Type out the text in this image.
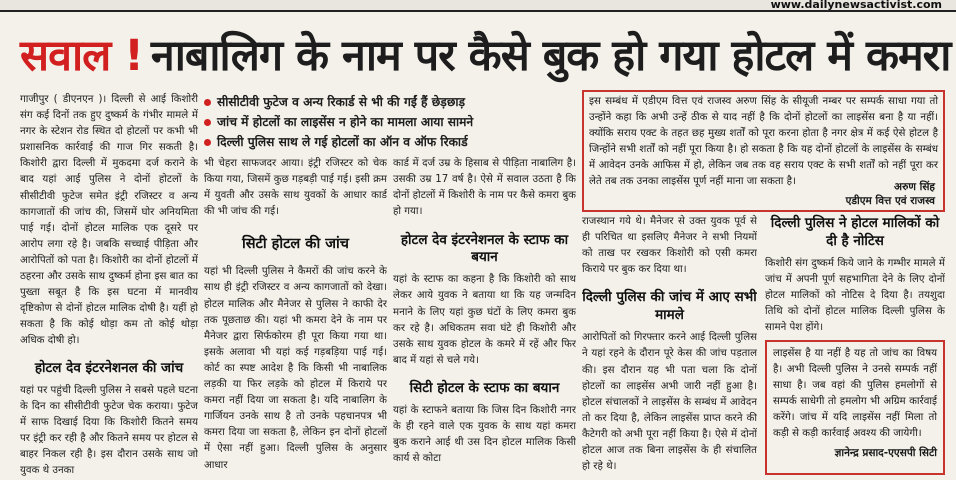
www.dailynewsactivist.com
सवाल ! नाबालिग के नाम पर कैसे बुक हो गया होटल में कमरा

गाजीपुर ( डीएनएन )। दिल्ली से आई किशोरी संग कई दिनों तक हुए दुष्कर्म के गंभीर मामले में नगर के स्टेशन रोड स्थित दो होटलों पर कभी भी प्रशासनिक कार्रवाई की गाज गिर सकती है। किशोरी द्वारा दिल्ली में मुकदमा दर्ज कराने के बाद यहां आई पुलिस ने दोनों होटलों के सीसीटीवी फुटेज समेत इंट्री रजिस्टर व अन्य कागजातों की जांच की, जिसमें घोर अनियमिता पाई गई। दोनों होटल मालिक एक दूसरे पर आरोप लगा रहे है। जबकि सच्चाई पीड़िता और आरोपितों को पता है। किशोरी का दोनों होटलों में ठहरना और उसके साथ दुष्कर्म होना इस बात का पुख्ता सबूत है कि इस घटना में मानवीय दृष्टिकोण से दोनों होटल मालिक दोषी है। यहीं हो सकता है कि कोई थोड़ा कम तो कोई थोड़ा अधिक दोषी हो।

होटल देव इंटरनेशनल की जांच

यहां पर पहुंची दिल्ली पुलिस ने सबसे पहले घटना के दिन का सीसीटीवी फुटेज चेक कराया। फुटेज में साफ दिखाई दिया कि किशोरी कितने समय पर इंट्री कर रही है और कितने समय पर होटल से बाहर निकल रही है। इस दौरान उसके साथ जो युवक थे उनका

सीसीटीवी फुटेज व अन्य रिकार्ड से भी की गईं हैं छेड़छाड़
जांच में होटलों का लाइसेंस न होने का मामला आया सामने
दिल्ली पुलिस साथ ले गई होटलों का ऑन व ऑफ रिकार्ड

भी चेहरा साफजदर आया। इंट्री रजिस्टर को चेक किया गया, जिसमें कुछ गड़बड़ी पाई गई। इसी क्रम में युवती और उसके साथ युवकों के आधार कार्ड की भी जांच की गई।

सिटी होटल की जांच

यहां भी दिल्ली पुलिस ने कैमरों की जांच करने के साथ ही इंट्री रजिस्टर व अन्य कागजातों को देखा। होटल मालिक और मैनेजर से पुलिस ने काफी देर तक पूछताछ की। यहां भी कमरा देने के नाम पर मैनेजर द्वारा सिर्फकोरम ही पूरा किया गया था। इसके अलावा भी यहां कई गड़बड़िया पाई गई। कोर्ट का स्पष्ट आदेश है कि किसी भी नाबालिक लड़की या फिर लड़के को होटल में किराये पर कमरा नहीं दिया जा सकता है। यदि नाबालिग के गार्जियन उनके साथ है तो उनके पहचानपत्र भी कमरा दिया जा सकता है, लेकिन इन दोनों होटलों में ऐसा नहीं हुआ। दिल्ली पुलिस के अनुसार आधार

कार्ड में दर्ज उम्र के हिसाब से पीड़िता नाबालिग है। उसकी उम्र 17 वर्ष है। ऐसे में सवाल उठता है कि दोनों होटलों में किशोरी के नाम पर कैसे कमरा बुक हो गया।

होटल देव इंटरनेशनल के स्टाफ का बयान

यहां के स्टाफ का कहना है कि किशोरी को साथ लेकर आये युवक ने बताया था कि यह जन्मदिन मनाने के लिए यहां कुछ घंटों के लिए कमरा बुक कर रहे है। अधिकतम सवा घंटे ही किशोरी और उसके साथ युवक होटल के कमरे में रहें और फिर बाद में यहां से चले गये।

सिटी होटल के स्टाफ का बयान

यहां के स्टाफने बताया कि जिस दिन किशोरी नगर के ही रहने वाले एक युवक के साथ यहां कमरा बुक कराने आई थी उस दिन होटल मालिक किसी कार्य से कोटा

इस सम्बंध में एडीएम वित्त एवं राजस्व अरुण सिंह के सीयूजी नम्बर पर सम्पर्क साधा गया तो उन्होंने कहा कि अभी उन्हें ठीक से याद नहीं है कि दोनों होटलों का लाइसेंस बना है या नहीं। क्योंकि सराय एक्ट के तहत छह मुख्य शर्तों को पूरा करना होता है नगर क्षेत्र में कई ऐसे होटल है जिन्होंने सभी शर्तों को नहीं पूरा किया है। हो सकता है कि यह दोनों होटलों के लाइसेंस के सम्बंध में आवेदन उनके आफिस में हो, लेकिन जब तक वह सराय एक्ट के सभी शर्तों को नहीं पूरा कर लेते तब तक उनका लाइसेंस पूर्ण नहीं माना जा सकता है।	अरुण सिंह
एडीएम वित्त एवं राजस्व

राजस्थान गये थे। मैनेजर से उक्त युवक पूर्व से ही परिचित था इसलिए मैनेजर ने सभी नियमों को ताख पर रखकर किशोरी को एसी कमरा किराये पर बुक कर दिया था।

दिल्ली पुलिस की जांच में आए सभी मामले

आरोपितों को गिरफ्तार करने आई दिल्ली पुलिस ने यहां रहने के दौरान पूरे केस की जांच पड़ताल की। इस दौरान यह भी पता चला कि दोनों होटलों का लाइसेंस अभी जारी नहीं हुआ है। होटल संचालकों ने लाइसेंस के सम्बंध में आवेदन तो कर दिया है, लेकिन लाइसेंस प्राप्त करने की कैटेगरी को अभी पूरा नहीं किया है। ऐसे में दोनों होटल आज तक बिना लाइसेंस के ही संचालित हो रहे थे।

दिल्ली पुलिस ने होटल मालिकों को दी है नोटिस

किशोरी संग दुष्कर्म किये जाने के गम्भीर मामले में जांच में अपनी पूर्ण सहभागिता देने के लिए दोनों होटल मालिकों को नोटिस दे दिया है। तयशुदा तिथि को दोनों होटल मालिक दिल्ली पुलिस के सामने पेश होंगे।

लाइसेंस है या नहीं है यह तो जांच का विषय है। अभी दिल्ली पुलिस ने उनसे सम्पर्क नहीं साधा है। जब वहां की पुलिस हमलोगों से सम्पर्क साधेगी तो हमलोग भी अग्रिम कार्रवाई करेंगे। जांच में यदि लाइसेंस नहीं मिला तो कड़ी से कड़ी कार्रवाई अवश्य की जायेगी।

ज्ञानेन्द्र प्रसाद-एएसपी सिटी
